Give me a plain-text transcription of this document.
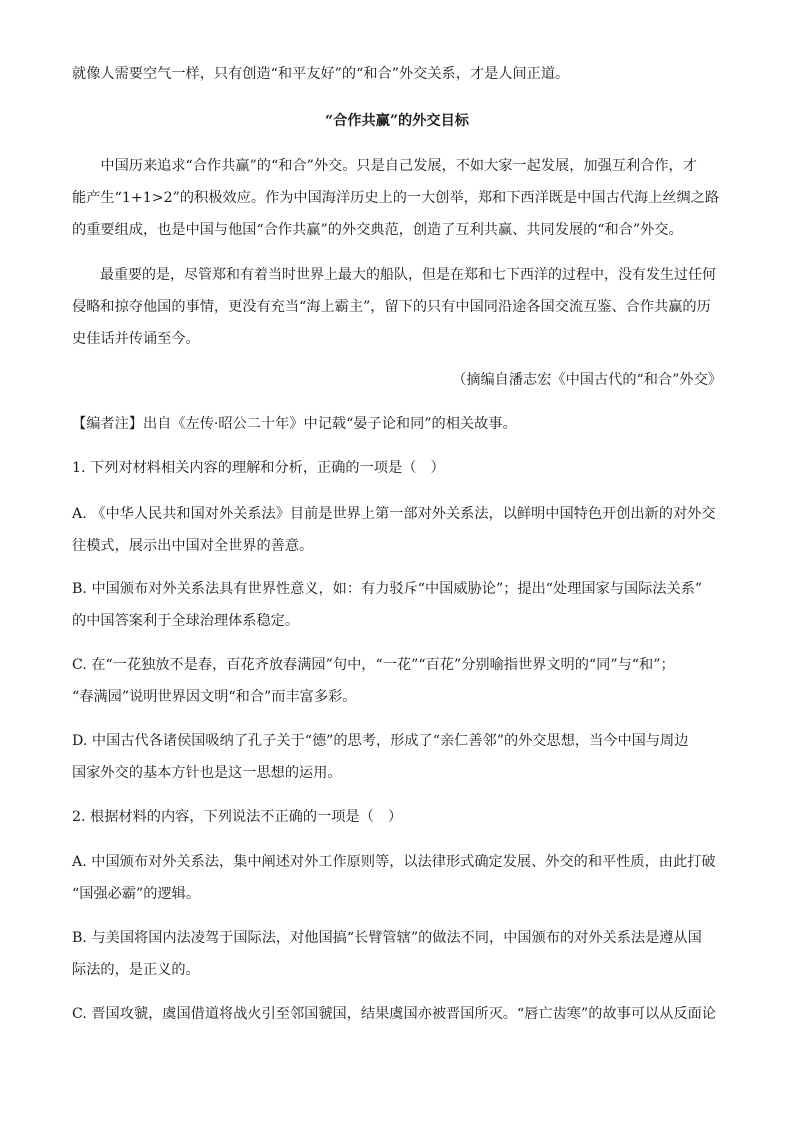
就像人需要空气一样，只有创造“和平友好”的“和合”外交关系，才是人间正道。
“合作共赢”的外交目标
　　中国历来追求“合作共赢”的“和合”外交。只是自己发展，不如大家一起发展，加强互利合作，才
能产生“1+1>2”的积极效应。作为中国海洋历史上的一大创举，郑和下西洋既是中国古代海上丝绸之路
的重要组成，也是中国与他国“合作共赢”的外交典范，创造了互利共赢、共同发展的“和合”外交。
　　最重要的是，尽管郑和有着当时世界上最大的船队，但是在郑和七下西洋的过程中，没有发生过任何
侵略和掠夺他国的事情，更没有充当“海上霸主”，留下的只有中国同沿途各国交流互鉴、合作共赢的历
史佳话并传诵至今。
（摘编自潘志宏《中国古代的“和合”外交》
【编者注】出自《左传·昭公二十年》中记载“晏子论和同”的相关故事。
1. 下列对材料相关内容的理解和分析，正确的一项是（　）
A. 《中华人民共和国对外关系法》目前是世界上第一部对外关系法，以鲜明中国特色开创出新的对外交
往模式，展示出中国对全世界的善意。
B. 中国颁布对外关系法具有世界性意义，如：有力驳斥“中国威胁论”；提出“处理国家与国际法关系”
的中国答案利于全球治理体系稳定。
C. 在“一花独放不是春，百花齐放春满园”句中，“一花”“百花”分别喻指世界文明的“同”与“和”；
“春满园”说明世界因文明“和合”而丰富多彩。
D. 中国古代各诸侯国吸纳了孔子关于“德”的思考，形成了“亲仁善邻”的外交思想，当今中国与周边
国家外交的基本方针也是这一思想的运用。
2. 根据材料的内容，下列说法不正确的一项是（　）
A. 中国颁布对外关系法，集中阐述对外工作原则等，以法律形式确定发展、外交的和平性质，由此打破
“国强必霸”的逻辑。
B. 与美国将国内法凌驾于国际法，对他国搞“长臂管辖”的做法不同，中国颁布的对外关系法是遵从国
际法的，是正义的。
C. 晋国攻虢，虞国借道将战火引至邻国虢国，结果虞国亦被晋国所灭。“唇亡齿寒”的故事可以从反面论
